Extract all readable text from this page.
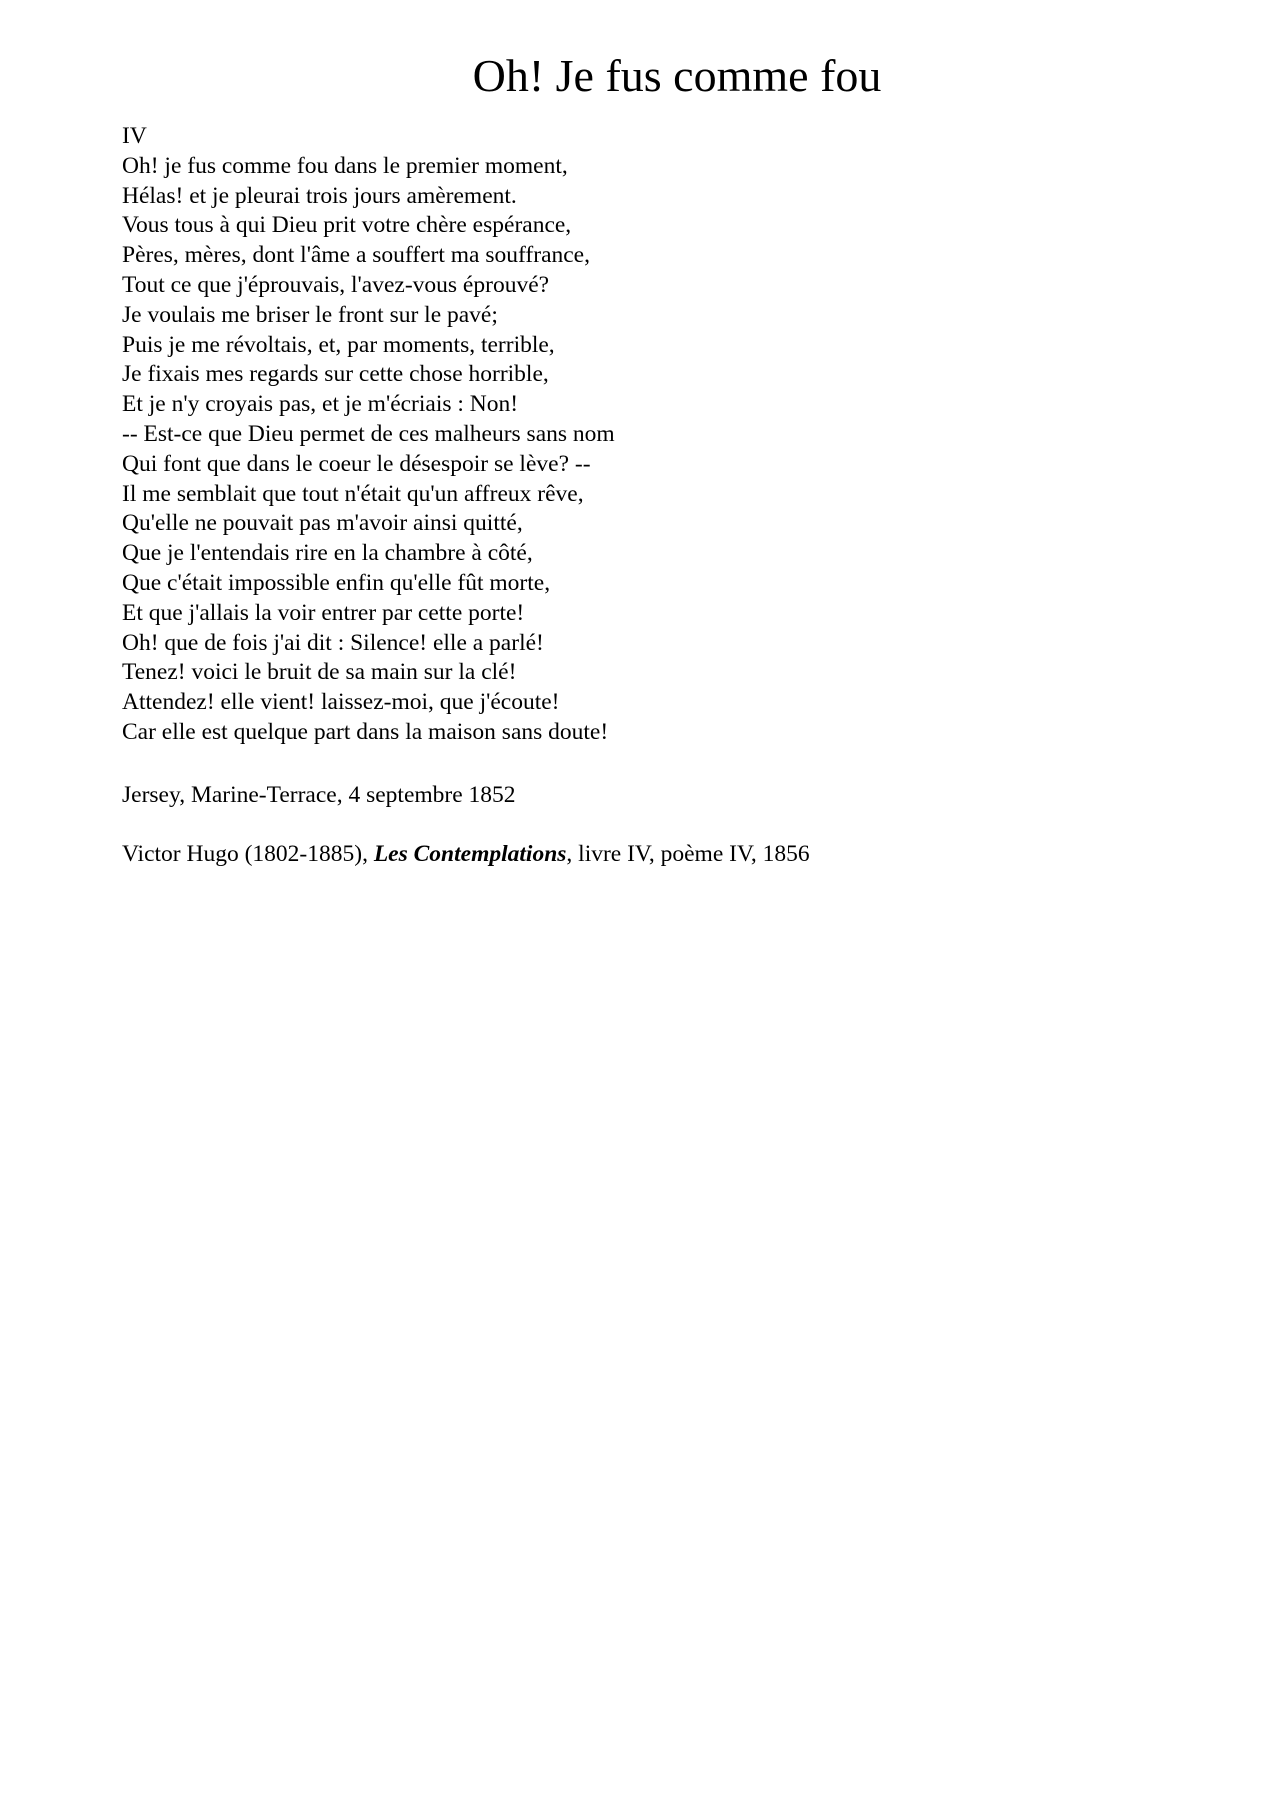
Oh! Je fus comme fou
IV
Oh! je fus comme fou dans le premier moment,
Hélas! et je pleurai trois jours amèrement.
Vous tous à qui Dieu prit votre chère espérance,
Pères, mères, dont l'âme a souffert ma souffrance,
Tout ce que j'éprouvais, l'avez-vous éprouvé?
Je voulais me briser le front sur le pavé;
Puis je me révoltais, et, par moments, terrible,
Je fixais mes regards sur cette chose horrible,
Et je n'y croyais pas, et je m'écriais : Non!
-- Est-ce que Dieu permet de ces malheurs sans nom
Qui font que dans le coeur le désespoir se lève? --
Il me semblait que tout n'était qu'un affreux rêve,
Qu'elle ne pouvait pas m'avoir ainsi quitté,
Que je l'entendais rire en la chambre à côté,
Que c'était impossible enfin qu'elle fût morte,
Et que j'allais la voir entrer par cette porte!
Oh! que de fois j'ai dit : Silence! elle a parlé!
Tenez! voici le bruit de sa main sur la clé!
Attendez! elle vient! laissez-moi, que j'écoute!
Car elle est quelque part dans la maison sans doute!
Jersey, Marine-Terrace, 4 septembre 1852
Victor Hugo (1802-1885), Les Contemplations, livre IV, poème IV, 1856
